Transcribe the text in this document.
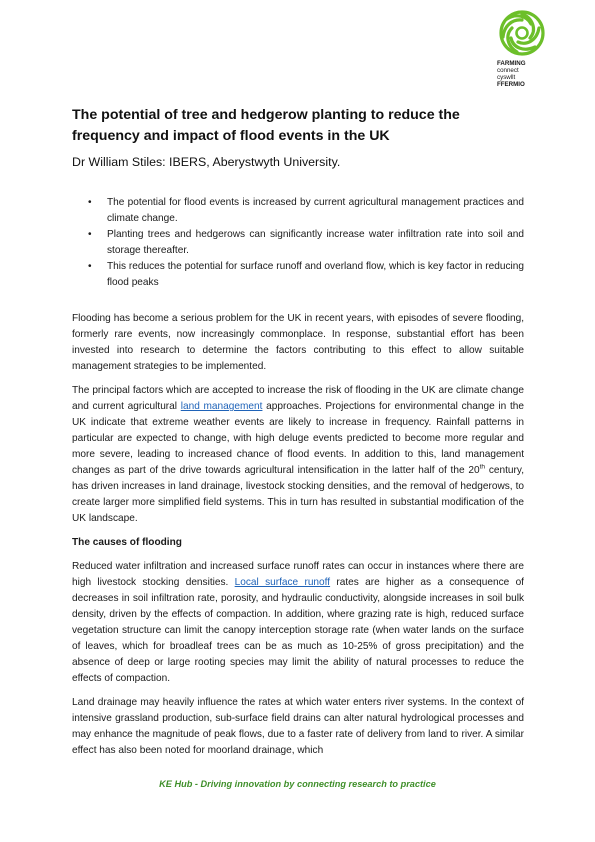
FARMING
connect
cyswllt
FFERMIO
The potential of tree and hedgerow planting to reduce the frequency and impact of flood events in the UK

Dr William Stiles: IBERS, Aberystwyth University.

• The potential for flood events is increased by current agricultural management practices and climate change.
• Planting trees and hedgerows can significantly increase water infiltration rate into soil and storage thereafter.
• This reduces the potential for surface runoff and overland flow, which is key factor in reducing flood peaks

Flooding has become a serious problem for the UK in recent years, with episodes of severe flooding, formerly rare events, now increasingly commonplace. In response, substantial effort has been invested into research to determine the factors contributing to this effect to allow suitable management strategies to be implemented.

The principal factors which are accepted to increase the risk of flooding in the UK are climate change and current agricultural land management approaches. Projections for environmental change in the UK indicate that extreme weather events are likely to increase in frequency. Rainfall patterns in particular are expected to change, with high deluge events predicted to become more regular and more severe, leading to increased chance of flood events. In addition to this, land management changes as part of the drive towards agricultural intensification in the latter half of the 20th century, has driven increases in land drainage, livestock stocking densities, and the removal of hedgerows, to create larger more simplified field systems. This in turn has resulted in substantial modification of the UK landscape.

The causes of flooding

Reduced water infiltration and increased surface runoff rates can occur in instances where there are high livestock stocking densities. Local surface runoff rates are higher as a consequence of decreases in soil infiltration rate, porosity, and hydraulic conductivity, alongside increases in soil bulk density, driven by the effects of compaction. In addition, where grazing rate is high, reduced surface vegetation structure can limit the canopy interception storage rate (when water lands on the surface of leaves, which for broadleaf trees can be as much as 10-25% of gross precipitation) and the absence of deep or large rooting species may limit the ability of natural processes to reduce the effects of compaction.

Land drainage may heavily influence the rates at which water enters river systems. In the context of intensive grassland production, sub-surface field drains can alter natural hydrological processes and may enhance the magnitude of peak flows, due to a faster rate of delivery from land to river. A similar effect has also been noted for moorland drainage, which

KE Hub - Driving innovation by connecting research to practice
